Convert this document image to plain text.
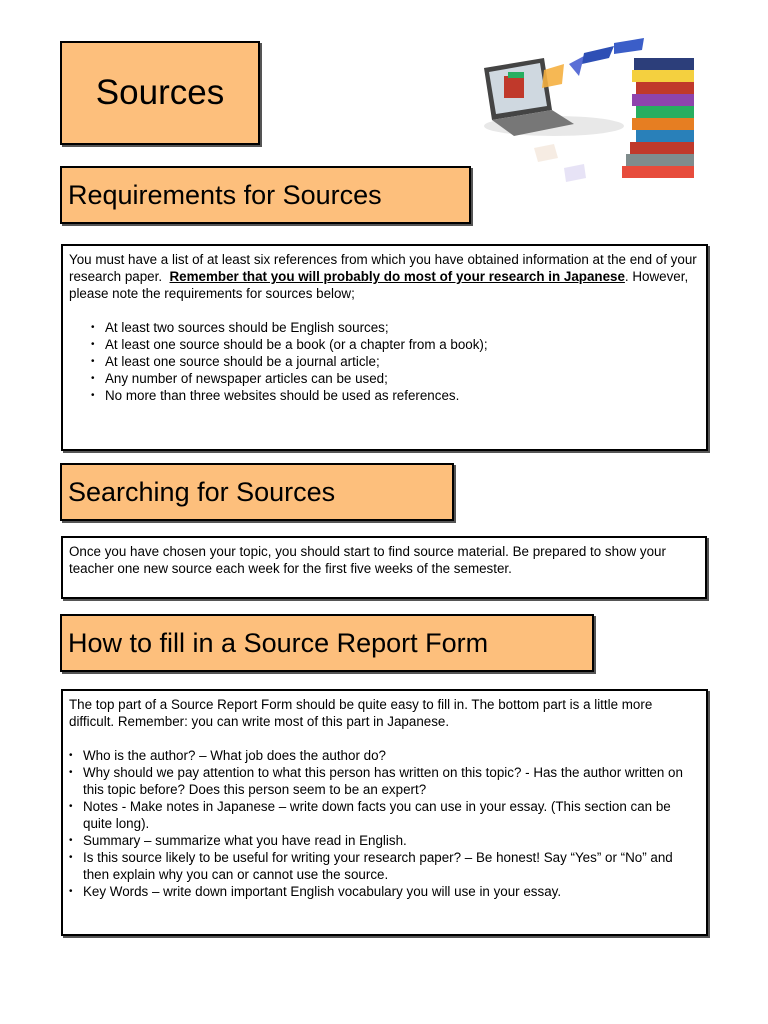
Sources
Requirements for Sources

You must have a list of at least six references from which you have obtained information at the end of your research paper. Remember that you will probably do most of your research in Japanese. However, please note the requirements for sources below;

• At least two sources should be English sources;
• At least one source should be a book (or a chapter from a book);
• At least one source should be a journal article;
• Any number of newspaper articles can be used;
• No more than three websites should be used as references.
Searching for Sources

Once you have chosen your topic, you should start to find source material. Be prepared to show your teacher one new source each week for the first five weeks of the semester.

How to fill in a Source Report Form

The top part of a Source Report Form should be quite easy to fill in. The bottom part is a little more difficult. Remember: you can write most of this part in Japanese.

• Who is the author? – What job does the author do?
• Why should we pay attention to what this person has written on this topic? - Has the author written on this topic before? Does this person seem to be an expert?
• Notes - Make notes in Japanese – write down facts you can use in your essay. (This section can be quite long).
• Summary – summarize what you have read in English.
• Is this source likely to be useful for writing your research paper? – Be honest! Say “Yes” or “No” and then explain why you can or cannot use the source.
• Key Words – write down important English vocabulary you will use in your essay.
